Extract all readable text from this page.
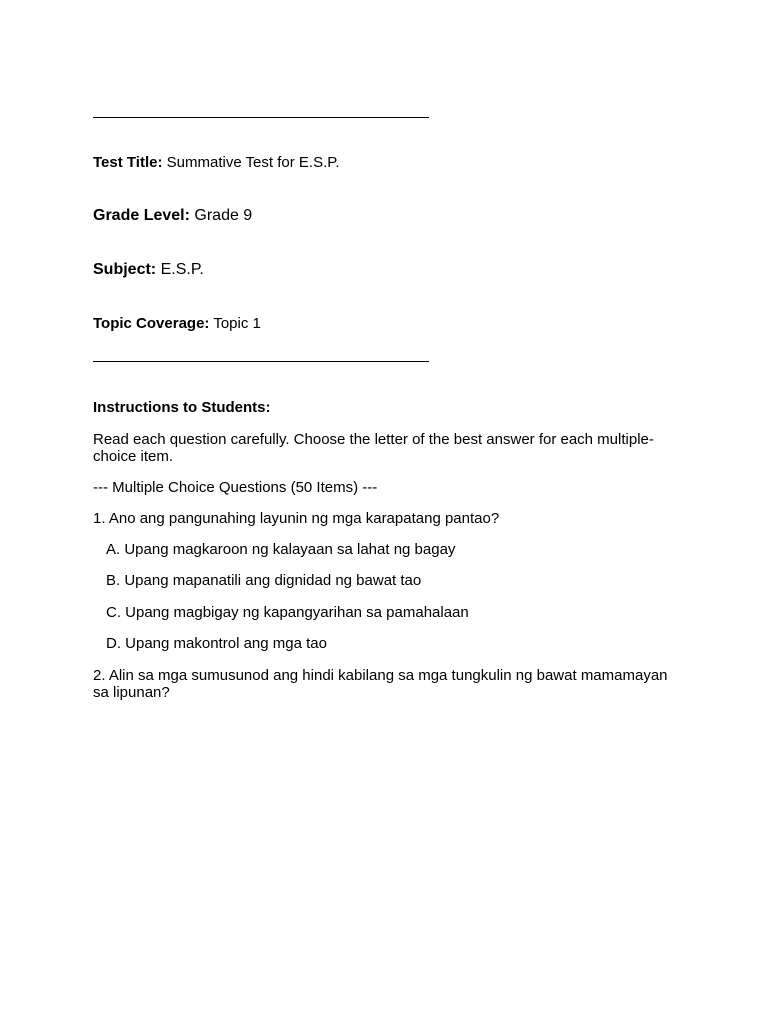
Test Title: Summative Test for E.S.P.

Grade Level: Grade 9

Subject: E.S.P.

Topic Coverage: Topic 1

Instructions to Students:

Read each question carefully. Choose the letter of the best answer for each multiple-choice item.

--- Multiple Choice Questions (50 Items) ---

1. Ano ang pangunahing layunin ng mga karapatang pantao?

A. Upang magkaroon ng kalayaan sa lahat ng bagay

B. Upang mapanatili ang dignidad ng bawat tao

C. Upang magbigay ng kapangyarihan sa pamahalaan

D. Upang makontrol ang mga tao

2. Alin sa mga sumusunod ang hindi kabilang sa mga tungkulin ng bawat mamamayan sa lipunan?
